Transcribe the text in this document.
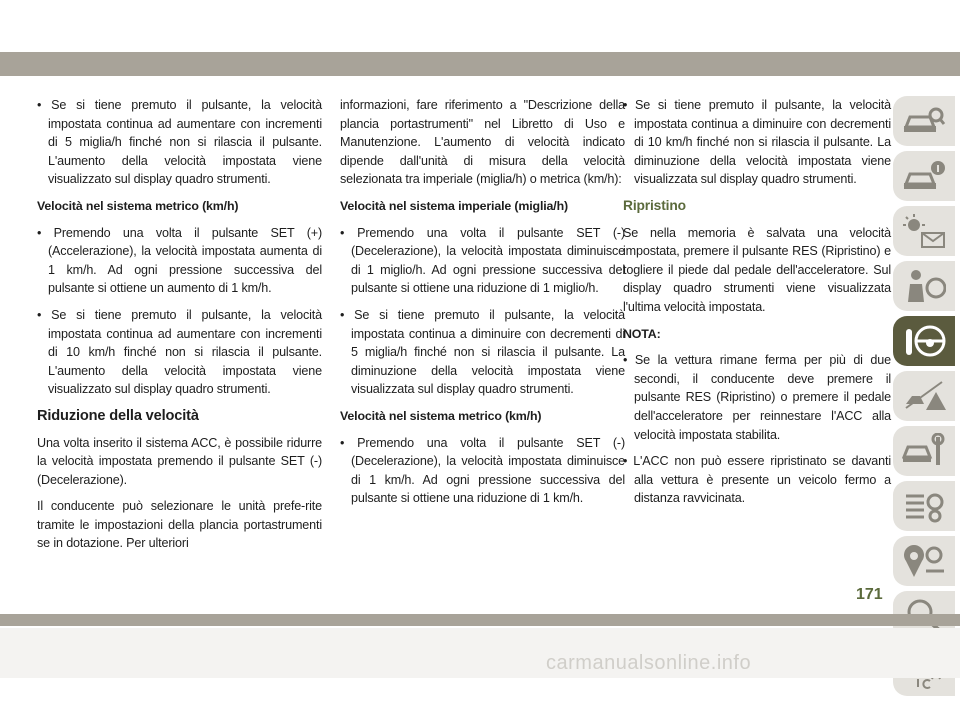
• Se si tiene premuto il pulsante, la velocità impostata continua ad aumentare con incrementi di 5 miglia/h finché non si rilascia il pulsante. L'aumento della velocità impostata viene visualizzato sul display quadro strumenti.

Velocità nel sistema metrico (km/h)

• Premendo una volta il pulsante SET (+) (Accelerazione), la velocità impostata aumenta di 1 km/h. Ad ogni pressione successiva del pulsante si ottiene un aumento di 1 km/h.

• Se si tiene premuto il pulsante, la velocità impostata continua ad aumentare con incrementi di 10 km/h finché non si rilascia il pulsante. L'aumento della velocità impostata viene visualizzato sul display quadro strumenti.

Riduzione della velocità

Una volta inserito il sistema ACC, è possibile ridurre la velocità impostata premendo il pulsante SET (-) (Decelerazione).

Il conducente può selezionare le unità prefe-rite tramite le impostazioni della plancia portastrumenti se in dotazione. Per ulteriori

informazioni, fare riferimento a "Descrizione della plancia portastrumenti" nel Libretto di Uso e Manutenzione. L'aumento di velocità indicato dipende dall'unità di misura della velocità selezionata tra imperiale (miglia/h) o metrica (km/h):

Velocità nel sistema imperiale (miglia/h)

• Premendo una volta il pulsante SET (-) (Decelerazione), la velocità impostata diminuisce di 1 miglio/h. Ad ogni pressione successiva del pulsante si ottiene una riduzione di 1 miglio/h.

• Se si tiene premuto il pulsante, la velocità impostata continua a diminuire con decrementi di 5 miglia/h finché non si rilascia il pulsante. La diminuzione della velocità impostata viene visualizzata sul display quadro strumenti.

Velocità nel sistema metrico (km/h)

• Premendo una volta il pulsante SET (-) (Decelerazione), la velocità impostata diminuisce di 1 km/h. Ad ogni pressione successiva del pulsante si ottiene una riduzione di 1 km/h.

• Se si tiene premuto il pulsante, la velocità impostata continua a diminuire con decrementi di 10 km/h finché non si rilascia il pulsante. La diminuzione della velocità impostata viene visualizzata sul display quadro strumenti.

Ripristino

Se nella memoria è salvata una velocità impostata, premere il pulsante RES (Ripristino) e togliere il piede dal pedale dell'acceleratore. Sul display quadro strumenti viene visualizzata l'ultima velocità impostata.

NOTA:

• Se la vettura rimane ferma per più di due secondi, il conducente deve premere il pulsante RES (Ripristino) o premere il pedale dell'acceleratore per reinnestare l'ACC alla velocità impostata stabilita.

• L'ACC non può essere ripristinato se davanti alla vettura è presente un veicolo fermo a distanza ravvicinata.

171
carmanualsonline.info
